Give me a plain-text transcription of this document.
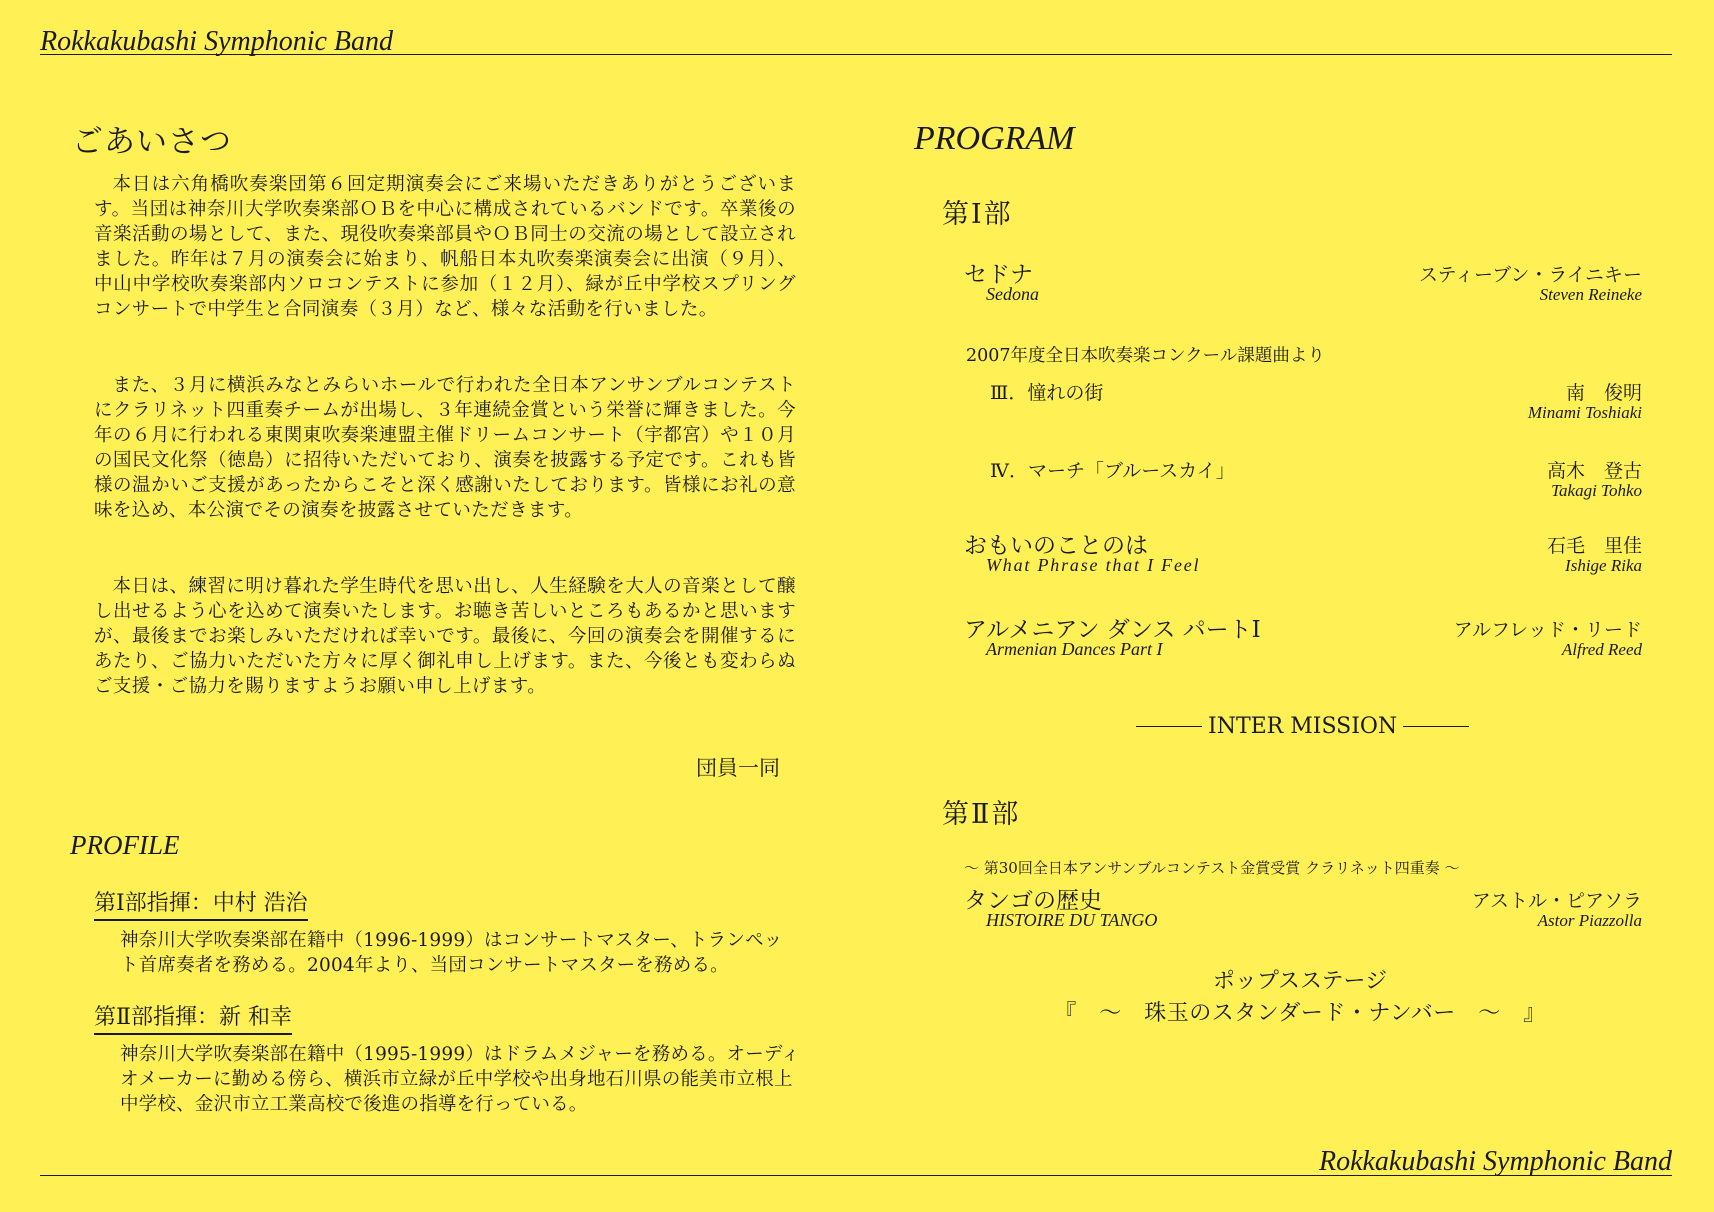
Rokkakubashi Symphonic Band
Rokkakubashi Symphonic Band
ごあいさつ
本日は六角橋吹奏楽団第６回定期演奏会にご来場いただきありがとうございます。当団は神奈川大学吹奏楽部ＯＢを中心に構成されているバンドです。卒業後の音楽活動の場として、また、現役吹奏楽部員やＯＢ同士の交流の場として設立されました。昨年は７月の演奏会に始まり、帆船日本丸吹奏楽演奏会に出演（９月）、中山中学校吹奏楽部内ソロコンテストに参加（１２月）、緑が丘中学校スプリングコンサートで中学生と合同演奏（３月）など、様々な活動を行いました。
また、３月に横浜みなとみらいホールで行われた全日本アンサンブルコンテストにクラリネット四重奏チームが出場し、３年連続金賞という栄誉に輝きました。今年の６月に行われる東関東吹奏楽連盟主催ドリームコンサート（宇都宮）や１０月の国民文化祭（徳島）に招待いただいており、演奏を披露する予定です。これも皆様の温かいご支援があったからこそと深く感謝いたしております。皆様にお礼の意味を込め、本公演でその演奏を披露させていただきます。
本日は、練習に明け暮れた学生時代を思い出し、人生経験を大人の音楽として醸し出せるよう心を込めて演奏いたします。お聴き苦しいところもあるかと思いますが、最後までお楽しみいただければ幸いです。最後に、今回の演奏会を開催するにあたり、ご協力いただいた方々に厚く御礼申し上げます。また、今後とも変わらぬご支援・ご協力を賜りますようお願い申し上げます。
団員一同
PROFILE
第Ⅰ部指揮：中村 浩治
神奈川大学吹奏楽部在籍中（1996-1999）はコンサートマスター、トランペット首席奏者を務める。2004年より、当団コンサートマスターを務める。
第Ⅱ部指揮：新 和幸
神奈川大学吹奏楽部在籍中（1995-1999）はドラムメジャーを務める。オーディオメーカーに勤める傍ら、横浜市立緑が丘中学校や出身地石川県の能美市立根上中学校、金沢市立工業高校で後進の指導を行っている。
PROGRAM
第Ⅰ部
セドナ
Sedona
スティーブン・ライニキー
Steven Reineke
2007年度全日本吹奏楽コンクール課題曲より
Ⅲ．憧れの街	南　俊明
Minami Toshiaki
Ⅳ．マーチ「ブルースカイ」	高木　登古
Takagi Tohko
おもいのことのは
What Phrase that I Feel
石毛　里佳
Ishige Rika
アルメニアン ダンス パートⅠ
Armenian Dances Part I
アルフレッド・リード
Alfred Reed
INTER MISSION
第Ⅱ部
～ 第30回全日本アンサンブルコンテスト金賞受賞 クラリネット四重奏 ～
タンゴの歴史
HISTOIRE DU TANGO
アストル・ピアソラ
Astor Piazzolla
ポップスステージ
『　～　珠玉のスタンダード・ナンバー　～　』
